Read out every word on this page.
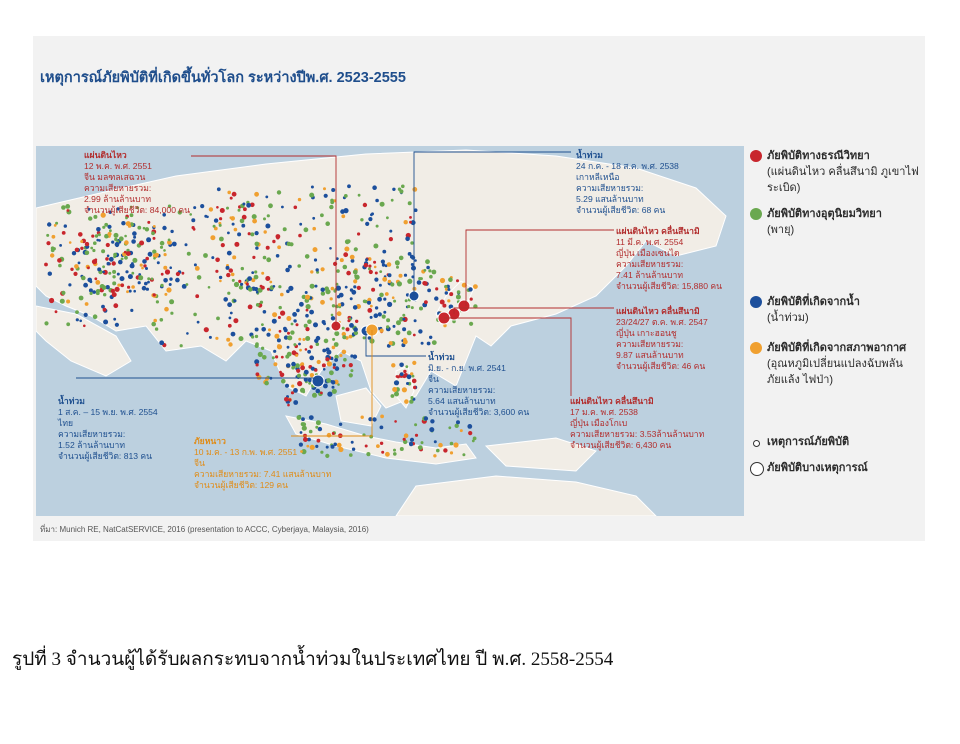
เหตุการณ์ภัยพิบัติที่เกิดขึ้นทั่วโลก ระหว่างปีพ.ศ. 2523-2555
แผ่นดินไหว
12 พ.ค. พ.ศ. 2551
จีน มลฑลเสฉวน
ความเสียหายรวม:
2.99 ล้านล้านบาท
จำนวนผู้เสียชีวิต: 84,000 คน
น้ำท่วม
24 ก.ค. - 18 ส.ค. พ.ศ. 2538
เกาหลีเหนือ
ความเสียหายรวม:
5.29 แสนล้านบาท
จำนวนผู้เสียชีวิต: 68 คน
แผ่นดินไหว คลื่นสึนามิ
11 มี.ค. พ.ศ. 2554
ญี่ปุ่น เมืองเซนได
ความเสียหายรวม:
7.41 ล้านล้านบาท
จำนวนผู้เสียชีวิต: 15,880 คน
แผ่นดินไหว คลื่นสึนามิ
23/24/27 ต.ค. พ.ศ. 2547
ญี่ปุ่น เกาะฮอนชู
ความเสียหายรวม:
9.87 แสนล้านบาท
จำนวนผู้เสียชีวิต: 46 คน
น้ำท่วม
มิ.ย. - ก.ย. พ.ศ. 2541
จีน
ความเสียหายรวม:
5.64 แสนล้านบาท
จำนวนผู้เสียชีวิต: 3,600 คน
แผ่นดินไหว คลื่นสึนามิ
17 ม.ค. พ.ศ. 2538
ญี่ปุ่น เมืองโกเบ
ความเสียหายรวม: 3.53ล้านล้านบาท
จำนวนผู้เสียชีวิต: 6,430 คน
น้ำท่วม
1 ส.ค. – 15 พ.ย. พ.ศ. 2554
ไทย
ความเสียหายรวม:
1.52 ล้านล้านบาท
จำนวนผู้เสียชีวิต: 813 คน
ภัยหนาว
10 ม.ค. - 13 ก.พ. พ.ศ. 2551
จีน
ความเสียหายรวม: 7.41 แสนล้านบาท
จำนวนผู้เสียชีวิต: 129 คน
ภัยพิบัติทางธรณีวิทยา
(แผ่นดินไหว คลื่นสึนามิ ภูเขาไฟระเบิด)
ภัยพิบัติทางอุตุนิยมวิทยา
(พายุ)
ภัยพิบัติที่เกิดจากน้ำ
(น้ำท่วม)
ภัยพิบัติที่เกิดจากสภาพอากาศ
(อุณหภูมิเปลี่ยนแปลงฉับพลัน ภัยแล้ง ไฟป่า)
เหตุการณ์ภัยพิบัติ
ภัยพิบัติบางเหตุการณ์
ที่มา: Munich RE, NatCatSERVICE, 2016 (presentation to ACCC, Cyberjaya, Malaysia, 2016)
รูปที่ 3 จำนวนผู้ได้รับผลกระทบจากน้ำท่วมในประเทศไทย ปี พ.ศ. 2558-2554
